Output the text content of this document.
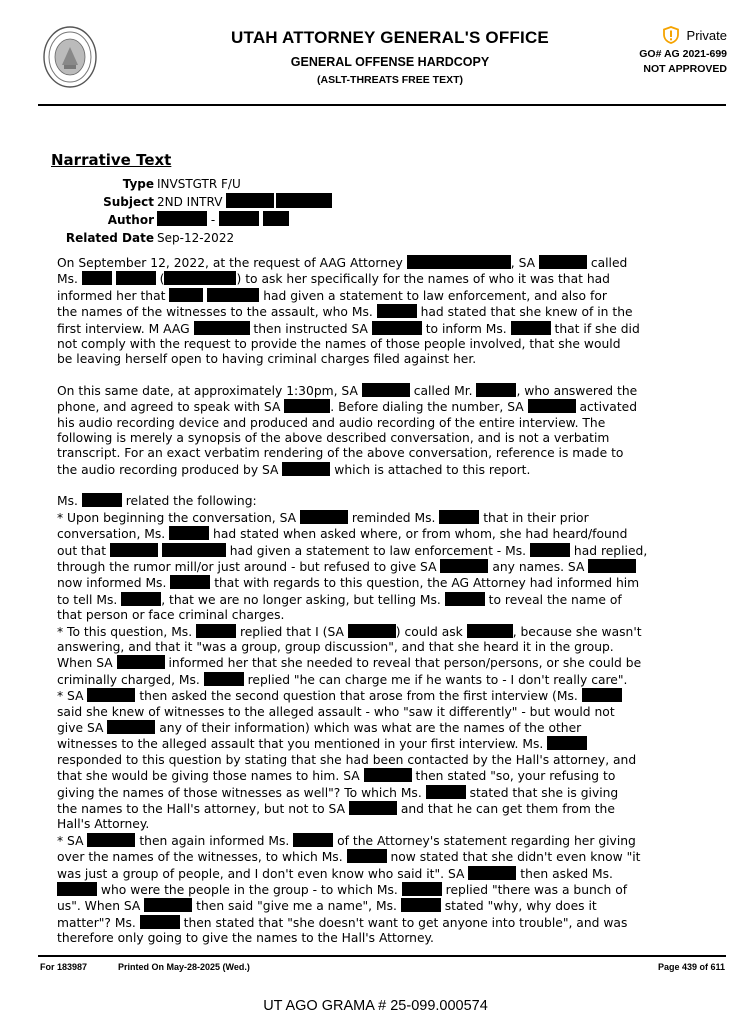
UTAH ATTORNEY GENERAL'S OFFICE
GENERAL OFFENSE HARDCOPY
(ASLT-THREATS FREE TEXT)
Private
GO# AG 2021-699
NOT APPROVED
Narrative Text
Type INVSTGTR F/U
Subject 2ND INTRV
Author	-
Related Date Sep-12-2022

On September 12, 2022, at the request of AAG Attorney	, SA	called
Ms.	(	) to ask her specifically for the names of who it was that had
informed her that	had given a statement to law enforcement, and also for
the names of the witnesses to the assault, who Ms.	had stated that she knew of in the
first interview. M AAG	then instructed SA	to inform Ms.	that if she did
not comply with the request to provide the names of those people involved, that she would
be leaving herself open to having criminal charges filed against her.

On this same date, at approximately 1:30pm, SA	called Mr.	, who answered the
phone, and agreed to speak with SA	. Before dialing the number, SA	activated
his audio recording device and produced and audio recording of the entire interview. The
following is merely a synopsis of the above described conversation, and is not a verbatim
transcript. For an exact verbatim rendering of the above conversation, reference is made to
the audio recording produced by SA	which is attached to this report.

Ms.	related the following:
* Upon beginning the conversation, SA	reminded Ms.	that in their prior
conversation, Ms.	had stated when asked where, or from whom, she had heard/found
out that	had given a statement to law enforcement - Ms.	had replied,
through the rumor mill/or just around - but refused to give SA	any names. SA
now informed Ms.	that with regards to this question, the AG Attorney had informed him
to tell Ms.	, that we are no longer asking, but telling Ms.	to reveal the name of
that person or face criminal charges.
* To this question, Ms.	replied that I (SA	) could ask	, because she wasn't
answering, and that it "was a group, group discussion", and that she heard it in the group.
When SA	informed her that she needed to reveal that person/persons, or she could be
criminally charged, Ms.	replied "he can charge me if he wants to - I don't really care".
* SA	then asked the second question that arose from the first interview (Ms.
said she knew of witnesses to the alleged assault - who "saw it differently" - but would not
give SA	any of their information) which was what are the names of the other
witnesses to the alleged assault that you mentioned in your first interview. Ms.
responded to this question by stating that she had been contacted by the Hall's attorney, and
that she would be giving those names to him. SA	then stated "so, your refusing to
giving the names of those witnesses as well"? To which Ms.	stated that she is giving
the names to the Hall's attorney, but not to SA	and that he can get them from the
Hall's Attorney.
* SA	then again informed Ms.	of the Attorney's statement regarding her giving
over the names of the witnesses, to which Ms.	now stated that she didn't even know "it
was just a group of people, and I don't even know who said it". SA	then asked Ms.
who were the people in the group - to which Ms.	replied "there was a bunch of
us". When SA	then said "give me a name", Ms.	stated "why, why does it
matter"? Ms.	then stated that "she doesn't want to get anyone into trouble", and was
therefore only going to give the names to the Hall's Attorney.

For 183987	Printed On May-28-2025 (Wed.)	Page 439 of 611
UT AGO GRAMA # 25-099.000574
